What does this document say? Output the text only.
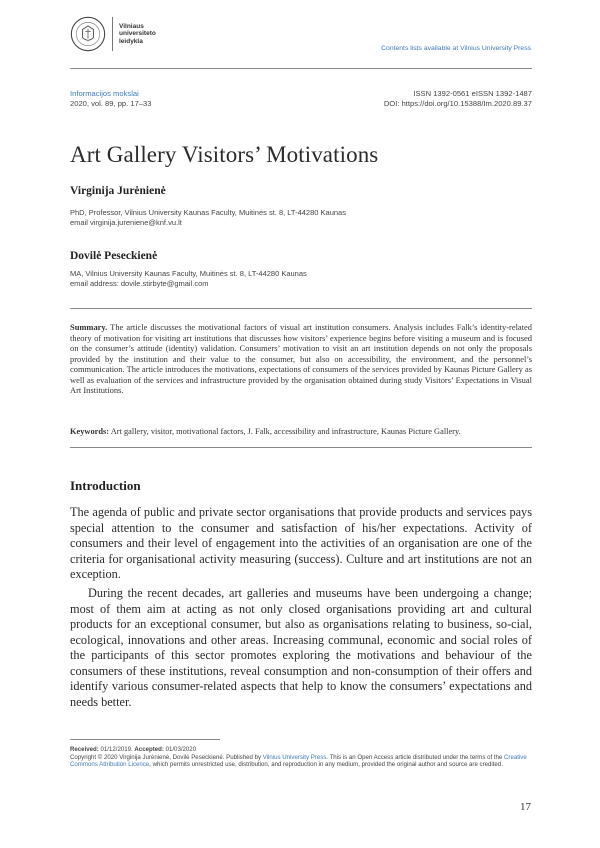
Vilniaus
universiteto
leidykla
Contents lists available at Vilnius University Press
Informacijos mokslai
2020, vol. 89, pp. 17–33
ISSN 1392-0561 eISSN 1392-1487
DOI: https://doi.org/10.15388/Im.2020.89.37
Art Gallery Visitors’ Motivations
Virginija Jurėnienė
PhD, Professor, Vilnius University Kaunas Faculty, Muitinės st. 8, LT-44280 Kaunas
email virginija.jureniene@knf.vu.lt
Dovilė Peseckienė
MA, Vilnius University Kaunas Faculty, Muitinės st. 8, LT-44280 Kaunas
email address: dovile.stirbyte@gmail.com

Summary. The article discusses the motivational factors of visual art institution consumers. Analysis includes Falk’s identity-related theory of motivation for visiting art institutions that discusses how visitors’ experience begins before visiting a museum and is focused on the consumer’s attitude (identity) validation. Consumers’ motivation to visit an art institution depends on not only the proposals provided by the institution and their value to the consumer, but also on accessibility, the environment, and the personnel’s communication. The article introduces the motivations, expectations of consumers of the services provided by Kaunas Picture Gallery as well as evaluation of the services and infrastructure provided by the organisation obtained during study Visitors’ Expectations in Visual Art Institutions.

Keywords: Art gallery, visitor, motivational factors, J. Falk, accessibility and infrastructure, Kaunas Picture Gallery.

Introduction

The agenda of public and private sector organisations that provide products and services pays special attention to the consumer and satisfaction of his/her expectations. Activity of consumers and their level of engagement into the activities of an organisation are one of the criteria for organisational activity measuring (success). Culture and art institutions are not an exception.

During the recent decades, art galleries and museums have been undergoing a change; most of them aim at acting as not only closed organisations providing art and cultural products for an exceptional consumer, but also as organisations relating to business, so-cial, ecological, innovations and other areas. Increasing communal, economic and social roles of the participants of this sector promotes exploring the motivations and behaviour of the consumers of these institutions, reveal consumption and non-consumption of their offers and identify various consumer-related aspects that help to know the consumers’ expectations and needs better.

Received: 01/12/2019. Accepted: 01/03/2020
Copyright © 2020 Virginija Jurėnienė, Dovilė Peseckienė. Published by Vilnius University Press. This is an Open Access article distributed under the terms of the Creative Commons Attribution Licence, which permits unrestricted use, distribution, and reproduction in any medium, provided the original author and source are credited.
17
